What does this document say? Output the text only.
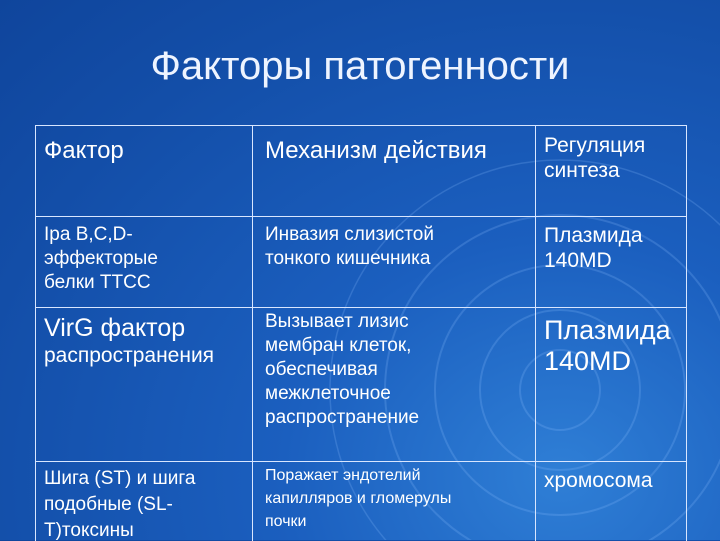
Факторы патогенности
Фактор	Механизм действия	Регуляция
синтеза
Ipa B,C,D-
эффекторые
белки ТТСС
Инвазия слизистой
тонкого кишечника
Плазмида
140MD
VirG фактор
распространения
Вызывает лизис
мембран клеток,
обеспечивая
межклеточное
распространение
Плазмида
140MD
Шига (ST) и шига
подобные (SL-
T)токсины
Поражает эндотелий
капилляров и гломерулы
почки
хромосома
